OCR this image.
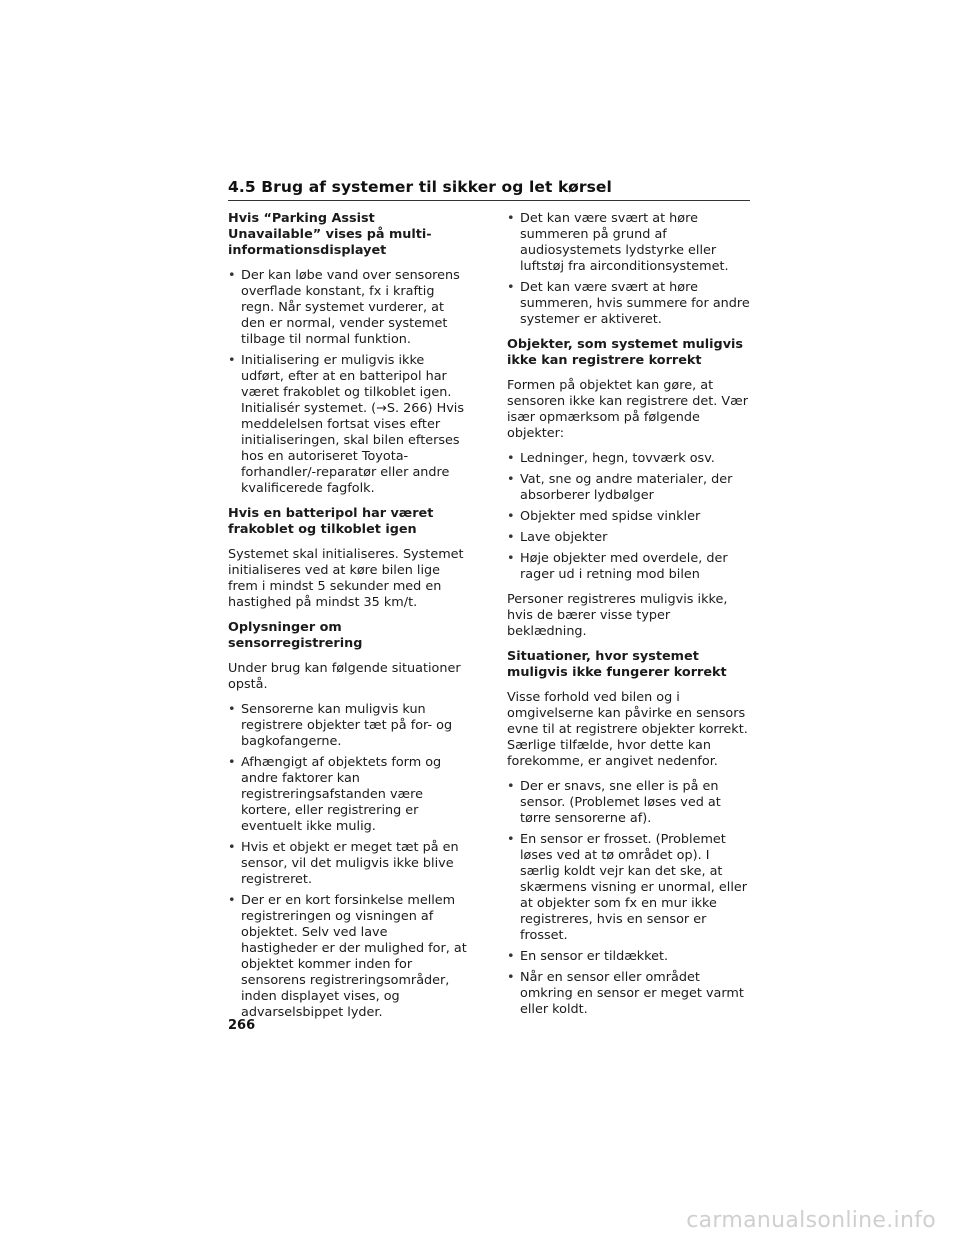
4.5 Brug af systemer til sikker og let kørsel
Hvis “Parking Assist Unavailable” vises på multi-informationsdisplayet
• Der kan løbe vand over sensorens overflade konstant, fx i kraftig regn. Når systemet vurderer, at den er normal, vender systemet tilbage til normal funktion.
• Initialisering er muligvis ikke udført, efter at en batteripol har været frakoblet og tilkoblet igen. Initialisér systemet. (→S. 266) Hvis meddelelsen fortsat vises efter initialiseringen, skal bilen efterses hos en autoriseret Toyota-forhandler/-reparatør eller andre kvalificerede fagfolk.
Hvis en batteripol har været frakoblet og tilkoblet igen
Systemet skal initialiseres. Systemet initialiseres ved at køre bilen lige frem i mindst 5 sekunder med en hastighed på mindst 35 km/t.
Oplysninger om sensorregistrering
Under brug kan følgende situationer opstå.
• Sensorerne kan muligvis kun registrere objekter tæt på for- og bagkofangerne.
• Afhængigt af objektets form og andre faktorer kan registreringsafstanden være kortere, eller registrering er eventuelt ikke mulig.
• Hvis et objekt er meget tæt på en sensor, vil det muligvis ikke blive registreret.
• Der er en kort forsinkelse mellem registreringen og visningen af objektet. Selv ved lave hastigheder er der mulighed for, at objektet kommer inden for sensorens registreringsområder, inden displayet vises, og advarselsbippet lyder.
• Det kan være svært at høre summeren på grund af audiosystemets lydstyrke eller luftstøj fra airconditionsystemet.
• Det kan være svært at høre summeren, hvis summere for andre systemer er aktiveret.
Objekter, som systemet muligvis ikke kan registrere korrekt
Formen på objektet kan gøre, at sensoren ikke kan registrere det. Vær især opmærksom på følgende objekter:
• Ledninger, hegn, tovværk osv.
• Vat, sne og andre materialer, der absorberer lydbølger
• Objekter med spidse vinkler
• Lave objekter
• Høje objekter med overdele, der rager ud i retning mod bilen
Personer registreres muligvis ikke, hvis de bærer visse typer beklædning.
Situationer, hvor systemet muligvis ikke fungerer korrekt
Visse forhold ved bilen og i omgivelserne kan påvirke en sensors evne til at registrere objekter korrekt. Særlige tilfælde, hvor dette kan forekomme, er angivet nedenfor.
• Der er snavs, sne eller is på en sensor. (Problemet løses ved at tørre sensorerne af).
• En sensor er frosset. (Problemet løses ved at tø området op). I særlig koldt vejr kan det ske, at skærmens visning er unormal, eller at objekter som fx en mur ikke registreres, hvis en sensor er frosset.
• En sensor er tildækket.
• Når en sensor eller området omkring en sensor er meget varmt eller koldt.
266
carmanualsonline.info
